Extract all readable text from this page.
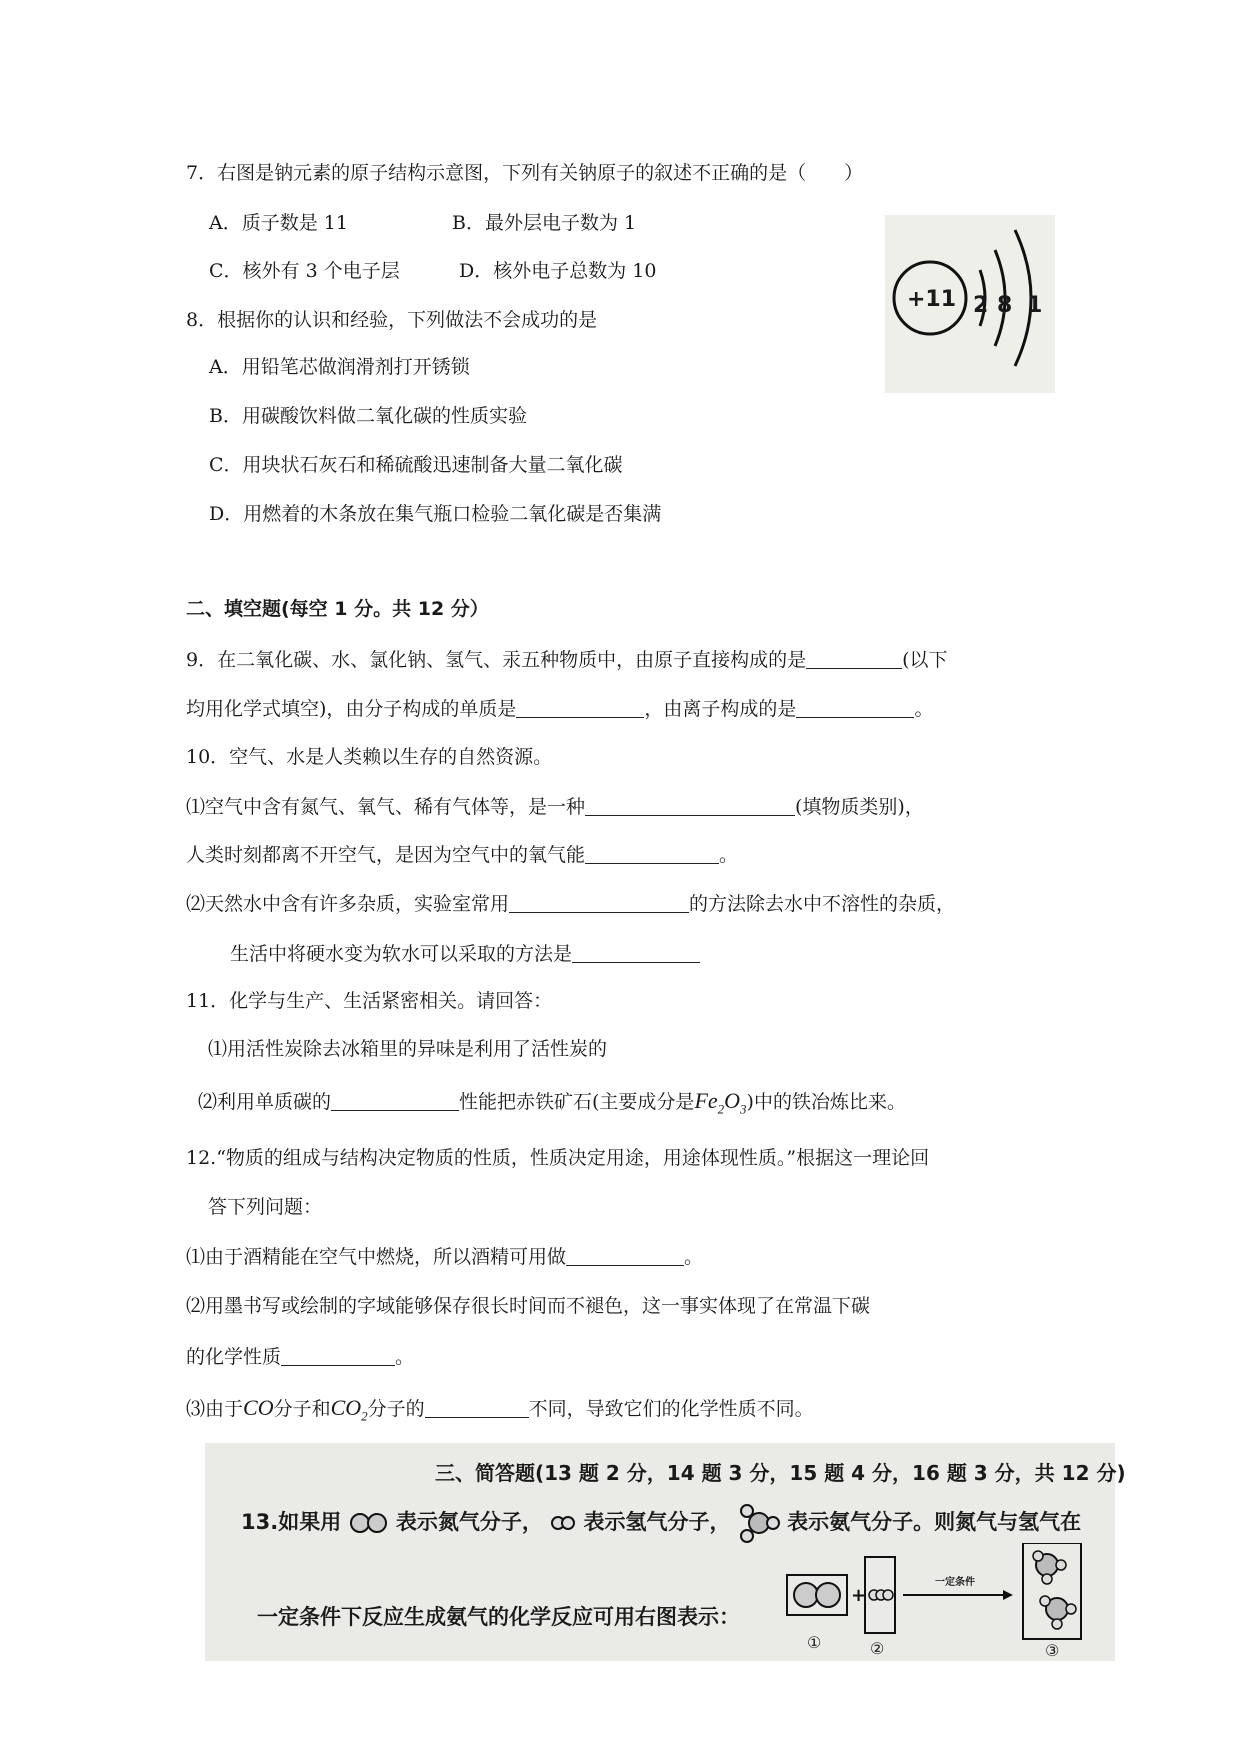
7．右图是钠元素的原子结构示意图，下列有关钠原子的叙述不正确的是（　　）
A．质子数是 11	B．最外层电子数为 1
C．核外有 3 个电子层	D．核外电子总数为 10
+11 2 8 1
8．根据你的认识和经验，下列做法不会成功的是
A．用铅笔芯做润滑剂打开锈锁
B．用碳酸饮料做二氧化碳的性质实验
C．用块状石灰石和稀硫酸迅速制备大量二氧化碳
D．用燃着的木条放在集气瓶口检验二氧化碳是否集满
二、填空题(每空 1 分。共 12 分）
9．在二氧化碳、水、氯化钠、氢气、汞五种物质中，由原子直接构成的是	(以下
均用化学式填空)，由分子构成的单质是	，由离子构成的是	。
10．空气、水是人类赖以生存的自然资源。
⑴空气中含有氮气、氧气、稀有气体等，是一种	(填物质类别)，
人类时刻都离不开空气，是因为空气中的氧气能	。
⑵天然水中含有许多杂质，实验室常用	的方法除去水中不溶性的杂质，
生活中将硬水变为软水可以采取的方法是
11．化学与生产、生活紧密相关。请回答：
⑴用活性炭除去冰箱里的异味是利用了活性炭的
⑵利用单质碳的	性能把赤铁矿石(主要成分是$Fe_2O_3$)中的铁冶炼比来。
12.“物质的组成与结构决定物质的性质，性质决定用途，用途体现性质。”根据这一理论回
答下列问题：
⑴由于酒精能在空气中燃烧，所以酒精可用做	。
⑵用墨书写或绘制的字域能够保存很长时间而不褪色，这一事实体现了在常温下碳
的化学性质	。
⑶由于CO分子和$CO_2$分子的	不同，导致它们的化学性质不同。
三、简答题(13 题 2 分，14 题 3 分，15 题 4 分，16 题 3 分，共 12 分)
13.如果用	表示氮气分子， 表示氢气分子，	表示氨气分子。则氮气与氢气在
一定条件下反应生成氨气的化学反应可用右图表示：
+
一定条件
①	②	③
